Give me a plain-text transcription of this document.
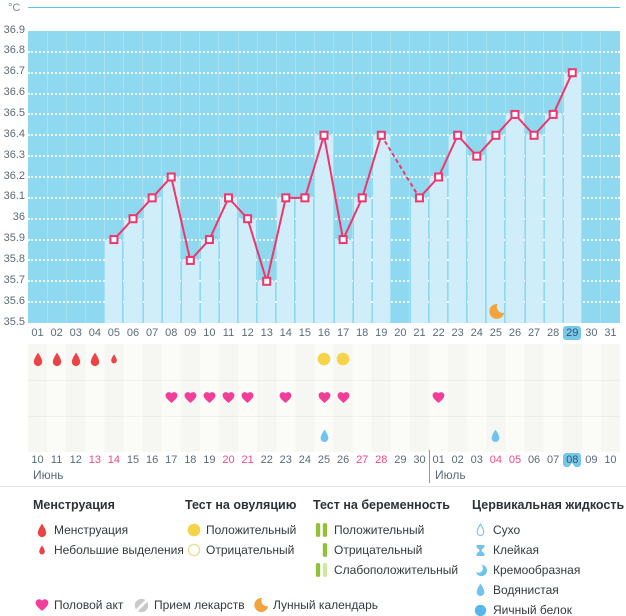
°C
36.9
36.8
36.7
36.6
36.5
36.4
36.3
36.2
36.1
36
35.9
35.8
35.7
35.6
35.5
01 02 03 04 05 06 07 08 09 10 11 12 13 14 15 16 17 18 19 20 21 22 23 24 25 26 27 28 29 30 31
10 11 12 13 14 15 16 17 18 19 20 21 22 23 24 25 26 27 28 29 30 01 02 03 04 05 06 07 08 09 10
Июнь	Июль
Менструация
Менструация
Небольшие выделения
Тест на овуляцию
Положительный
Отрицательный
Тест на беременность
Положительный
Отрицательный
Слабоположительный
Цервикальная жидкость
Сухо
Клейкая
Кремообразная
Водянистая
Яичный белок
Половой акт	Прием лекарств Лунный календарь
